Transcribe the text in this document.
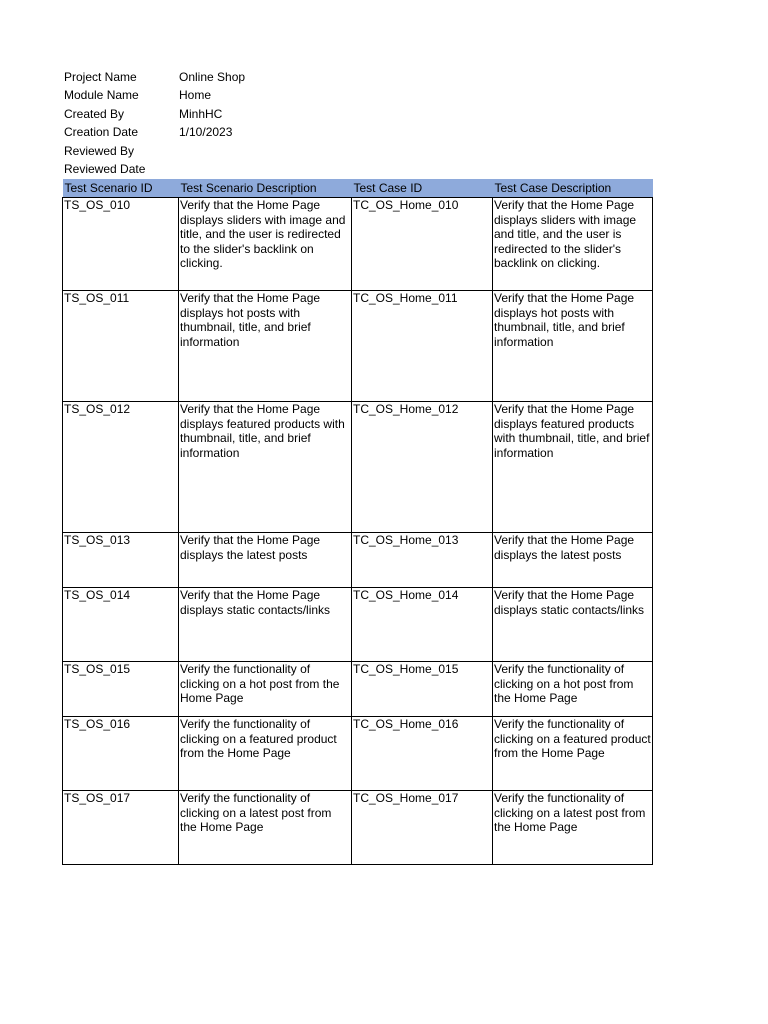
Project Name	Online Shop
Module Name	Home
Created By	MinhHC
Creation Date	1/10/2023
Reviewed By
Reviewed Date
Test Scenario ID	Test Scenario Description	Test Case ID	Test Case Description
TS_OS_010	Verify that the Home Page displays sliders with image and title, and the user is redirected to the slider's backlink on clicking.	TC_OS_Home_010	Verify that the Home Page displays sliders with image and title, and the user is redirected to the slider's backlink on clicking.
TS_OS_011	Verify that the Home Page displays hot posts with thumbnail, title, and brief information	TC_OS_Home_011	Verify that the Home Page displays hot posts with thumbnail, title, and brief information
TS_OS_012	Verify that the Home Page displays featured products with thumbnail, title, and brief information	TC_OS_Home_012	Verify that the Home Page displays featured products with thumbnail, title, and brief information
TS_OS_013	Verify that the Home Page displays the latest posts	TC_OS_Home_013	Verify that the Home Page displays the latest posts
TS_OS_014	Verify that the Home Page displays static contacts/links	TC_OS_Home_014	Verify that the Home Page displays static contacts/links
TS_OS_015	Verify the functionality of clicking on a hot post from the Home Page	TC_OS_Home_015	Verify the functionality of clicking on a hot post from the Home Page
TS_OS_016	Verify the functionality of clicking on a featured product from the Home Page	TC_OS_Home_016	Verify the functionality of clicking on a featured product from the Home Page
TS_OS_017	Verify the functionality of clicking on a latest post from the Home Page	TC_OS_Home_017	Verify the functionality of clicking on a latest post from the Home Page
